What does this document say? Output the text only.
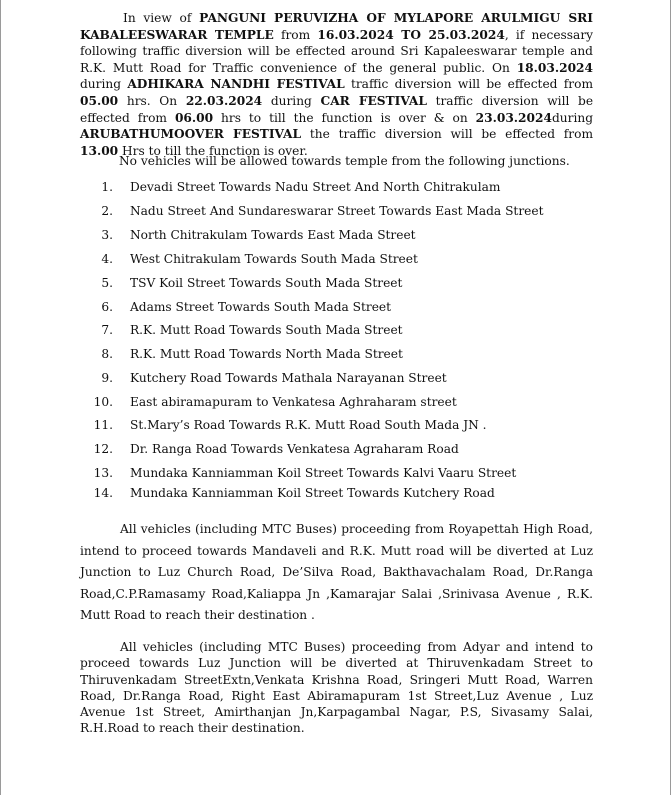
In view of PANGUNI PERUVIZHA OF MYLAPORE ARULMIGU SRI KABALEESWARAR TEMPLE from 16.03.2024 TO 25.03.2024, if necessary following traffic diversion will be effected around Sri Kapaleeswarar temple and R.K. Mutt Road for Traffic convenience of the general public. On 18.03.2024 during ADHIKARA NANDHI FESTIVAL traffic diversion will be effected from 05.00 hrs. On 22.03.2024 during CAR FESTIVAL traffic diversion will be effected from 06.00 hrs to till the function is over & on 23.03.2024during ARUBATHUMOOVER FESTIVAL the traffic diversion will be effected from 13.00 Hrs to till the function is over.

No vehicles will be allowed towards temple from the following junctions.
1. Devadi Street Towards Nadu Street And North Chitrakulam
2. Nadu Street And Sundareswarar Street Towards East Mada Street
3. North Chitrakulam Towards East Mada Street
4. West Chitrakulam Towards South Mada Street
5. TSV Koil Street Towards South Mada Street
6. Adams Street Towards South Mada Street
7. R.K. Mutt Road Towards South Mada Street
8. R.K. Mutt Road Towards North Mada Street
9. Kutchery Road Towards Mathala Narayanan Street
10. East abiramapuram to Venkatesa Aghraharam street
11. St.Mary’s Road Towards R.K. Mutt Road South Mada JN .
12. Dr. Ranga Road Towards Venkatesa Agraharam Road
13. Mundaka Kanniamman Koil Street Towards Kalvi Vaaru Street
14. Mundaka Kanniamman Koil Street Towards Kutchery Road

All vehicles (including MTC Buses) proceeding from Royapettah High Road, intend to proceed towards Mandaveli and R.K. Mutt road will be diverted at Luz Junction to Luz Church Road, De’Silva Road, Bakthavachalam Road, Dr.Ranga Road,C.P.Ramasamy Road,Kaliappa Jn ,Kamarajar Salai ,Srinivasa Avenue , R.K. Mutt Road to reach their destination .

All vehicles (including MTC Buses) proceeding from Adyar and intend to proceed towards Luz Junction will be diverted at Thiruvenkadam Street to Thiruvenkadam StreetExtn,Venkata Krishna Road, Sringeri Mutt Road, Warren Road, Dr.Ranga Road, Right East Abiramapuram 1st Street,Luz Avenue , Luz Avenue 1st Street, Amirthanjan Jn,Karpagambal Nagar, P.S, Sivasamy Salai, R.H.Road to reach their destination.
